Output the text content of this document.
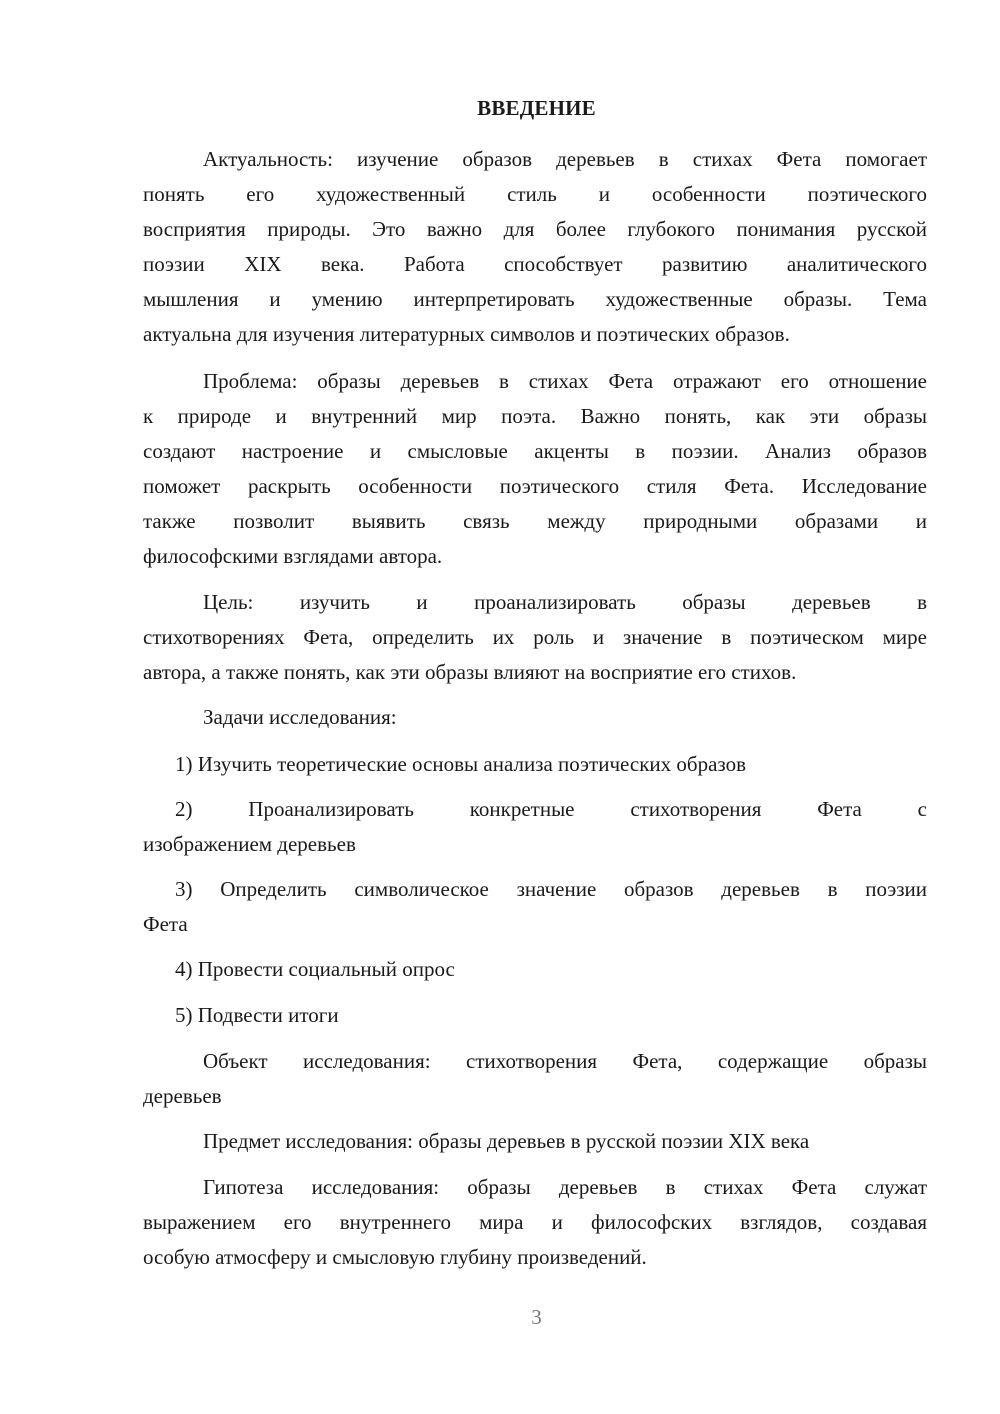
ВВЕДЕНИЕ
Актуальность: изучение образов деревьев в стихах Фета помогает
понять его художественный стиль и особенности поэтического
восприятия природы. Это важно для более глубокого понимания русской
поэзии XIX века. Работа способствует развитию аналитического
мышления и умению интерпретировать художественные образы. Тема
актуальна для изучения литературных символов и поэтических образов.
Проблема: образы деревьев в стихах Фета отражают его отношение
к природе и внутренний мир поэта. Важно понять, как эти образы
создают настроение и смысловые акценты в поэзии. Анализ образов
поможет раскрыть особенности поэтического стиля Фета. Исследование
также позволит выявить связь между природными образами и
философскими взглядами автора.
Цель: изучить и проанализировать образы деревьев в
стихотворениях Фета, определить их роль и значение в поэтическом мире
автора, а также понять, как эти образы влияют на восприятие его стихов.
Задачи исследования:
1) Изучить теоретические основы анализа поэтических образов
2) Проанализировать конкретные стихотворения Фета с
изображением деревьев
3) Определить символическое значение образов деревьев в поэзии
Фета
4) Провести социальный опрос
5) Подвести итоги
Объект исследования: стихотворения Фета, содержащие образы
деревьев
Предмет исследования: образы деревьев в русской поэзии XIX века
Гипотеза исследования: образы деревьев в стихах Фета служат
выражением его внутреннего мира и философских взглядов, создавая
особую атмосферу и смысловую глубину произведений.
3
